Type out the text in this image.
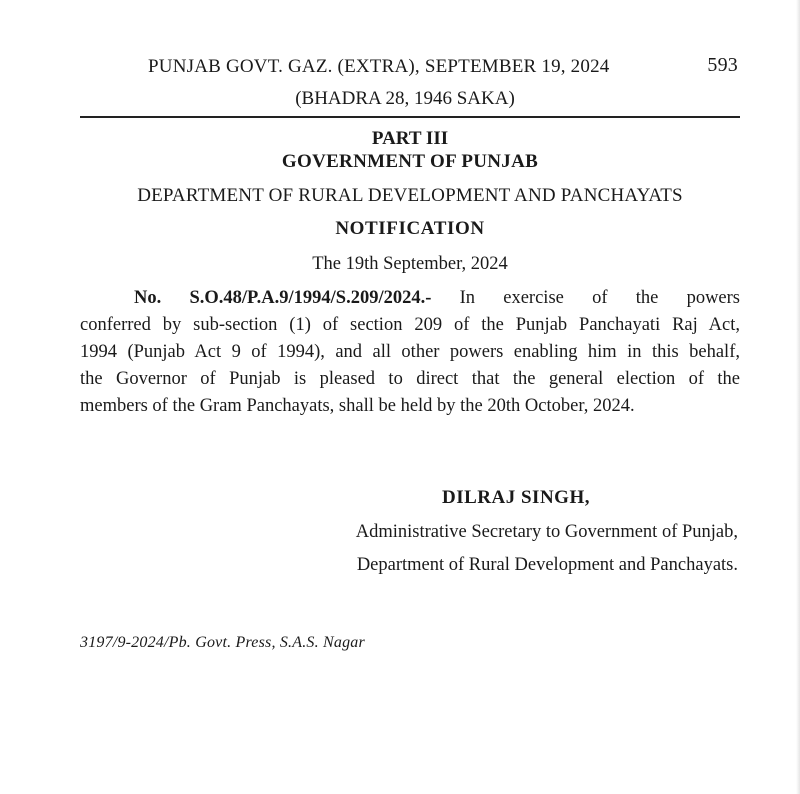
PUNJAB GOVT. GAZ. (EXTRA), SEPTEMBER 19, 2024	593
(BHADRA 28, 1946 SAKA)
PART III
GOVERNMENT OF PUNJAB
DEPARTMENT OF RURAL DEVELOPMENT AND PANCHAYATS
NOTIFICATION
The 19th September, 2024
No. S.O.48/P.A.9/1994/S.209/2024.- In exercise of the powers
conferred by sub-section (1) of section 209 of the Punjab Panchayati Raj Act,
1994 (Punjab Act 9 of 1994), and all other powers enabling him in this behalf,
the Governor of Punjab is pleased to direct that the general election of the
members of the Gram Panchayats, shall be held by the 20th October, 2024.
DILRAJ SINGH,
Administrative Secretary to Government of Punjab,
Department of Rural Development and Panchayats.
3197/9-2024/Pb. Govt. Press, S.A.S. Nagar
